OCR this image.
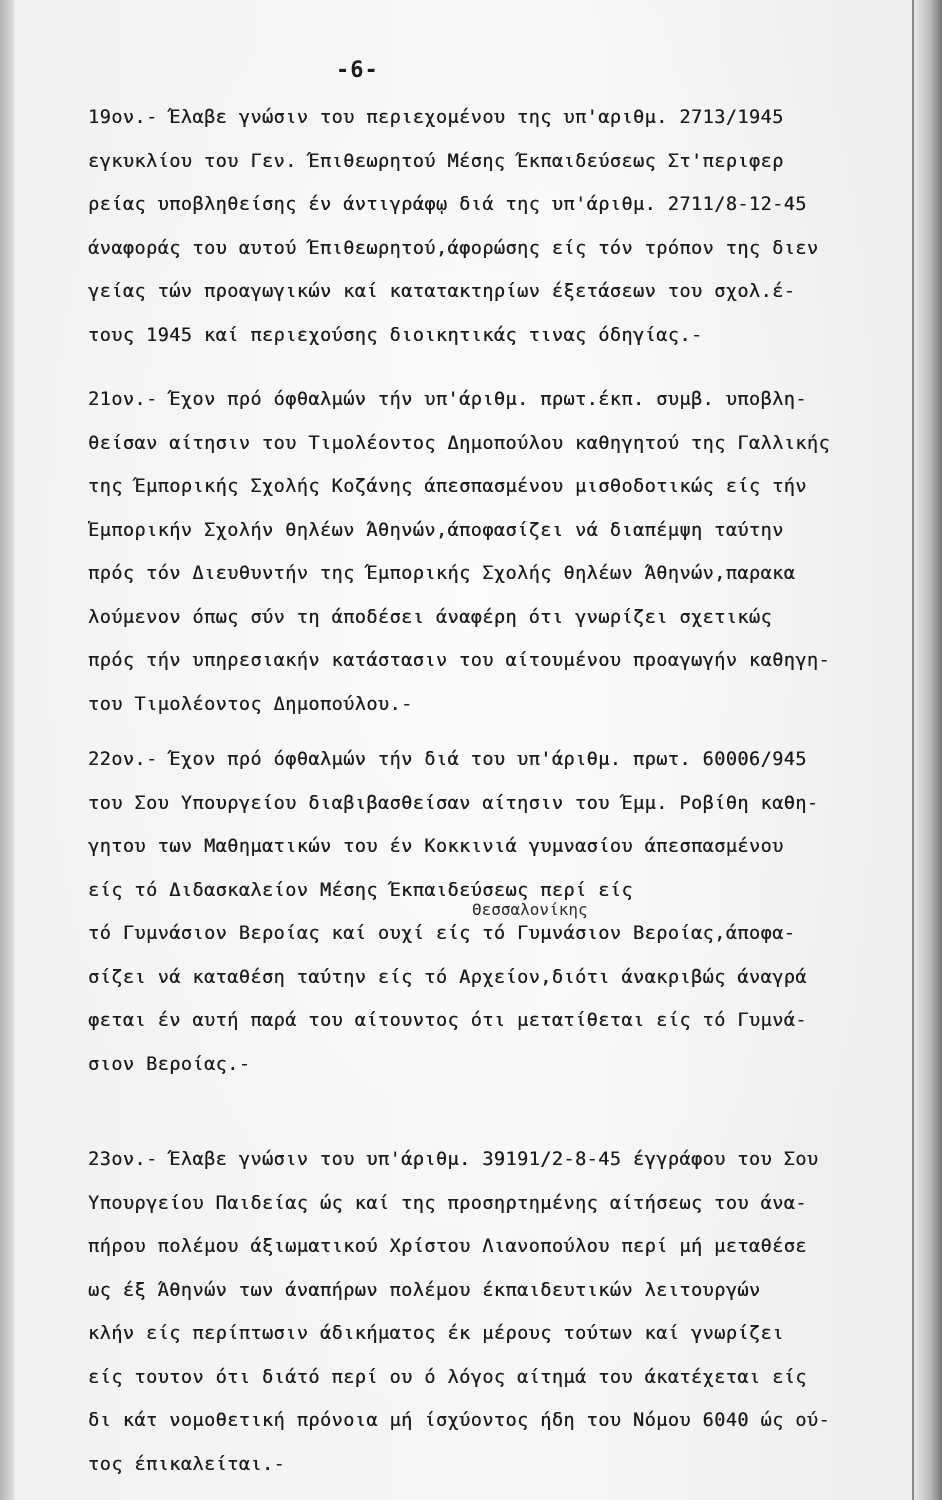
-6-
19ον.- Έλαβε γνώσιν του περιεχομένου της υπ'αριθμ. 2713/1945
εγκυκλίου του Γεν. Έπιθεωρητού Μέσης Έκπαιδεύσεως Στ'περιφερ
ρείας υποβληθείσης έν άντιγράφῳ διά της υπ'άριθμ. 2711/8-12-45
άναφοράς του αυτού Έπιθεωρητού,άφορώσης είς τόν τρόπον της διεν
γείας τών προαγωγικών καί κατατακτηρίων έξετάσεων του σχολ.έ-
τους 1945 καί περιεχούσης διοικητικάς τινας όδηγίας.-
21ον.- Έχον πρό όφθαλμών τήν υπ'άριθμ. πρωτ.έκπ. συμβ. υποβλη-
θείσαν αίτησιν του Τιμολέοντος Δημοπούλου καθηγητού της Γαλλικής
της Έμπορικής Σχολής Κοζάνης άπεσπασμένου μισθοδοτικώς είς τήν
Έμπορικήν Σχολήν θηλέων Άθηνών,άποφασίζει νά διαπέμψη ταύτην
πρός τόν Διευθυντήν της Έμπορικής Σχολής θηλέων Άθηνών,παρακα
λούμενον όπως σύν τη άποδέσει άναφέρη ότι γνωρίζει σχετικώς
πρός τήν υπηρεσιακήν κατάστασιν του αίτουμένου προαγωγήν καθηγη-
του Τιμολέοντος Δημοπούλου.-
22ον.- Έχον πρό όφθαλμών τήν διά του υπ'άριθμ. πρωτ. 60006/945
του Σου Υπουργείου διαβιβασθείσαν αίτησιν του Έμμ. Ροβίθη καθη-
γητου των Μαθηματικών του έν Κοκκινιά γυμνασίου άπεσπασμένου
είς τό Διδασκαλείον Μέσης Έκπαιδεύσεως περί είς
τό Γυμνάσιον Βεροίας καί ουχί είς τό Γυμνάσιον Βεροίας,άποφα-
σίζει νά καταθέση ταύτην είς τό Αρχείον,διότι άνακριβώς άναγρά
φεται έν αυτή παρά του αίτουντος ότι μετατίθεται είς τό Γυμνά-
σιον Βεροίας.-
Θεσσαλονίκης
23ον.- Έλαβε γνώσιν του υπ'άριθμ. 39191/2-8-45 έγγράφου του Σου
Υπουργείου Παιδείας ώς καί της προσηρτημένης αίτήσεως του άνα-
πήρου πολέμου άξιωματικού Χρίστου Λιανοπούλου περί μή μεταθέσε
ως έξ Άθηνών των άναπήρων πολέμου έκπαιδευτικών λειτουργών
κλήν είς περίπτωσιν άδικήματος έκ μέρους τούτων καί γνωρίζει
είς τουτον ότι διάτό περί ου ό λόγος αίτημά του άκατέχεται είς
δι κάτ νομοθετική πρόνοια μή ίσχύοντος ήδη του Νόμου 6040 ώς ού-
τος έπικαλείται.-
